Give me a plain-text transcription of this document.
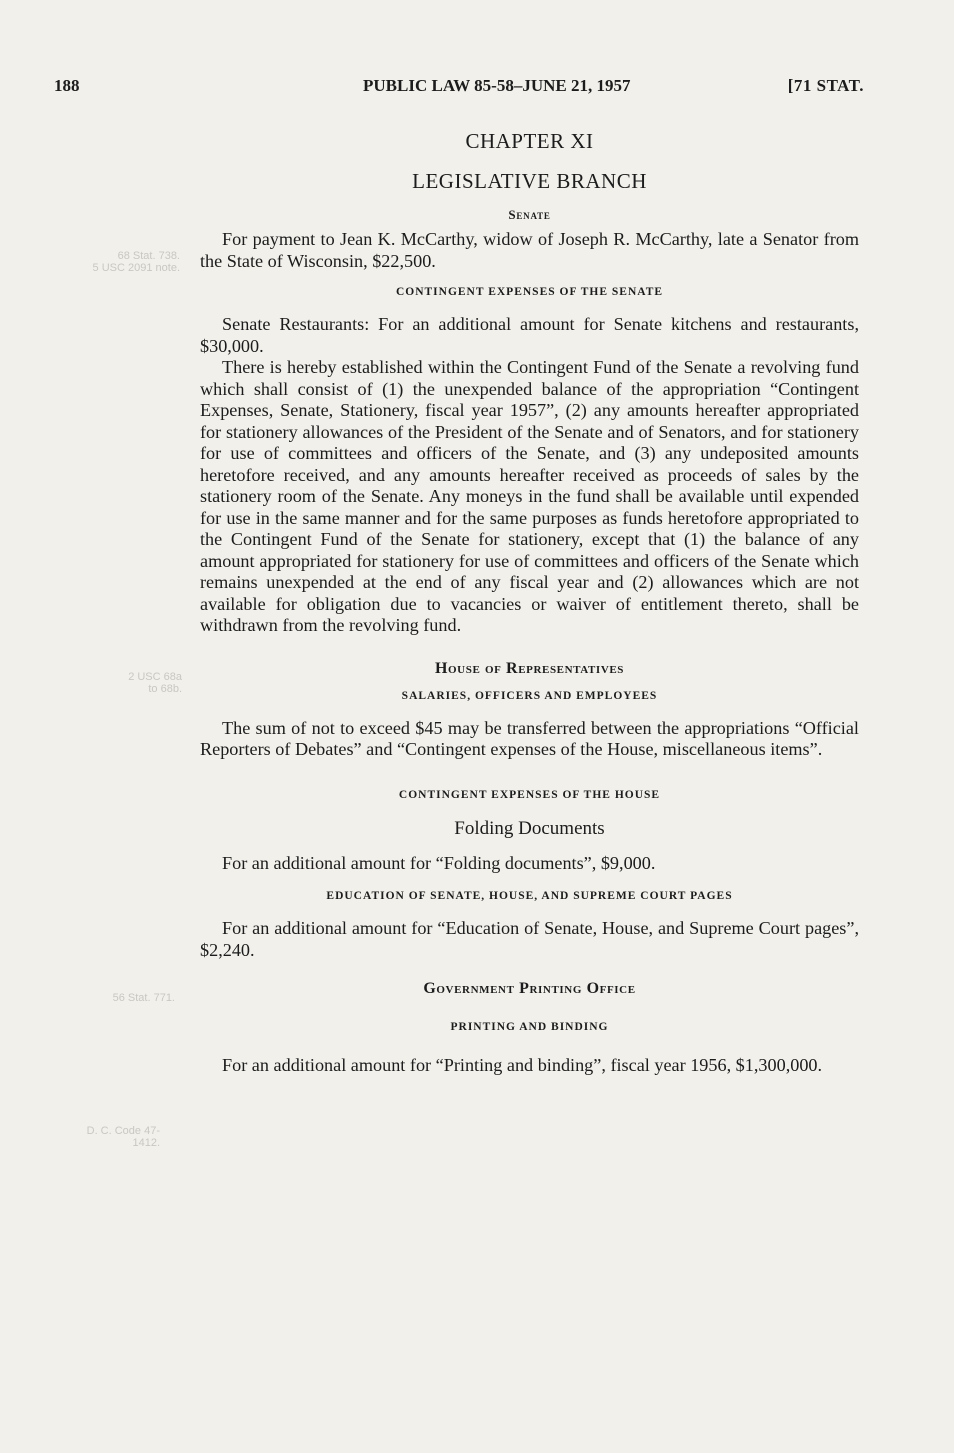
188	PUBLIC LAW 85-58–JUNE 21, 1957	[71 STAT.
68 Stat. 738.
5 USC 2091 note.
2 USC 68a
to 68b.
56 Stat. 771.
D. C. Code 47-
1412.
CHAPTER XI
LEGISLATIVE BRANCH
Senate

For payment to Jean K. McCarthy, widow of Joseph R. McCarthy, late a Senator from the State of Wisconsin, $22,500.

CONTINGENT EXPENSES OF THE SENATE

Senate Restaurants: For an additional amount for Senate kitchens and restaurants, $30,000.

There is hereby established within the Contingent Fund of the Senate a revolving fund which shall consist of (1) the unexpended balance of the appropriation “Contingent Expenses, Senate, Stationery, fiscal year 1957”, (2) any amounts hereafter appropriated for stationery allowances of the President of the Senate and of Senators, and for stationery for use of committees and officers of the Senate, and (3) any undeposited amounts heretofore received, and any amounts hereafter received as proceeds of sales by the stationery room of the Senate. Any moneys in the fund shall be available until expended for use in the same manner and for the same purposes as funds heretofore appropriated to the Contingent Fund of the Senate for stationery, except that (1) the balance of any amount appropriated for stationery for use of committees and officers of the Senate which remains unexpended at the end of any fiscal year and (2) allowances which are not available for obligation due to vacancies or waiver of entitlement thereto, shall be withdrawn from the revolving fund.

House of Representatives
SALARIES, OFFICERS AND EMPLOYEES

The sum of not to exceed $45 may be transferred between the appropriations “Official Reporters of Debates” and “Contingent expenses of the House, miscellaneous items”.

CONTINGENT EXPENSES OF THE HOUSE
Folding Documents

For an additional amount for “Folding documents”, $9,000.

EDUCATION OF SENATE, HOUSE, AND SUPREME COURT PAGES

For an additional amount for “Education of Senate, House, and Supreme Court pages”, $2,240.

Government Printing Office
PRINTING AND BINDING

For an additional amount for “Printing and binding”, fiscal year 1956, $1,300,000.
